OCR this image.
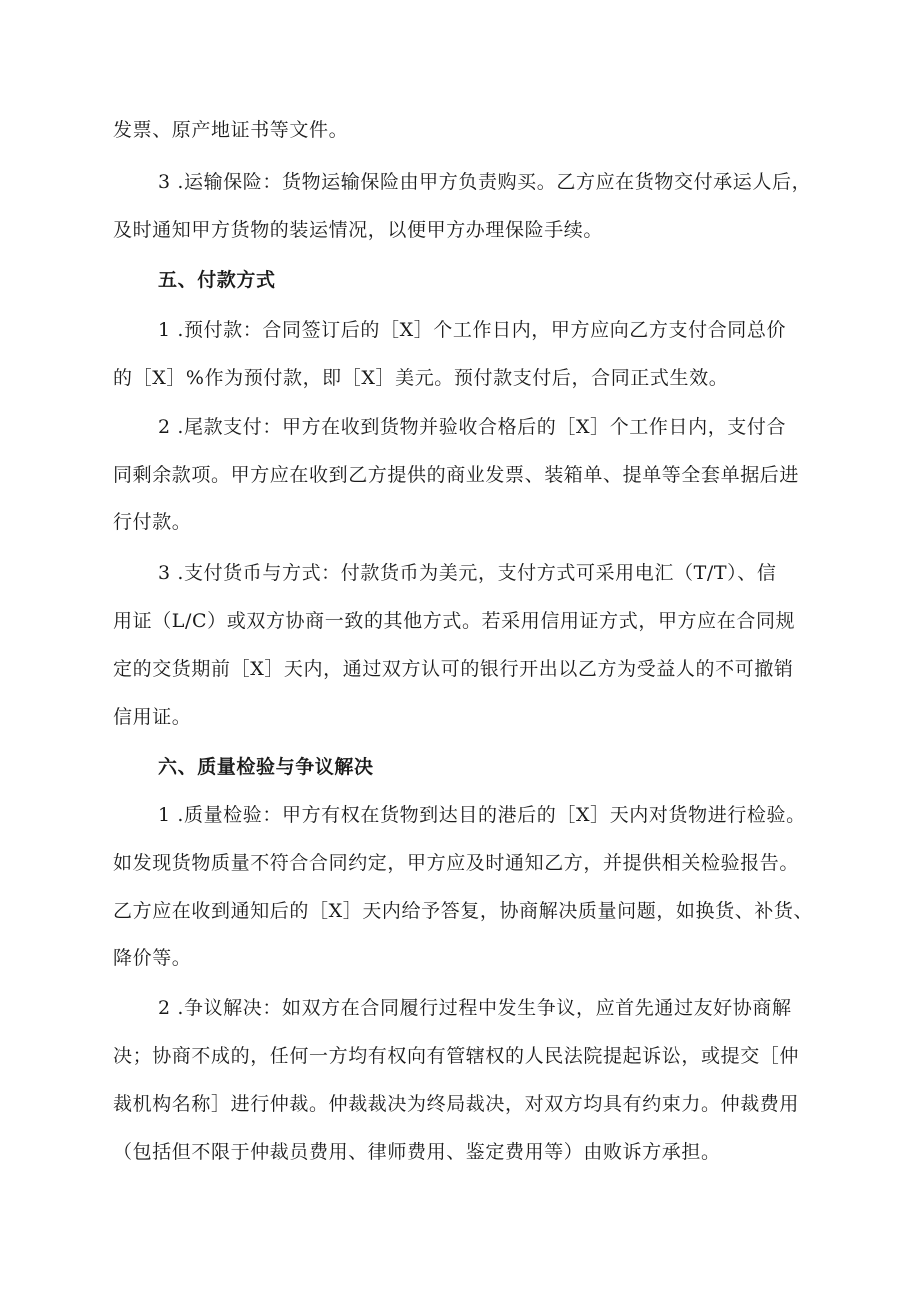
发票、原产地证书等文件。
3 .运输保险：货物运输保险由甲方负责购买。乙方应在货物交付承运人后，
及时通知甲方货物的装运情况，以便甲方办理保险手续。
五、付款方式
1 .预付款：合同签订后的［X］个工作日内，甲方应向乙方支付合同总价
的［X］%作为预付款，即［X］美元。预付款支付后，合同正式生效。
2 .尾款支付：甲方在收到货物并验收合格后的［X］个工作日内，支付合
同剩余款项。甲方应在收到乙方提供的商业发票、装箱单、提单等全套单据后进
行付款。
3 .支付货币与方式：付款货币为美元，支付方式可采用电汇（T/T）、信
用证（L/C）或双方协商一致的其他方式。若采用信用证方式，甲方应在合同规
定的交货期前［X］天内，通过双方认可的银行开出以乙方为受益人的不可撤销
信用证。
六、质量检验与争议解决
1 .质量检验：甲方有权在货物到达目的港后的［X］天内对货物进行检验。
如发现货物质量不符合合同约定，甲方应及时通知乙方，并提供相关检验报告。
乙方应在收到通知后的［X］天内给予答复，协商解决质量问题，如换货、补货、
降价等。
2 .争议解决：如双方在合同履行过程中发生争议，应首先通过友好协商解
决；协商不成的，任何一方均有权向有管辖权的人民法院提起诉讼，或提交［仲
裁机构名称］进行仲裁。仲裁裁决为终局裁决，对双方均具有约束力。仲裁费用
（包括但不限于仲裁员费用、律师费用、鉴定费用等）由败诉方承担。
